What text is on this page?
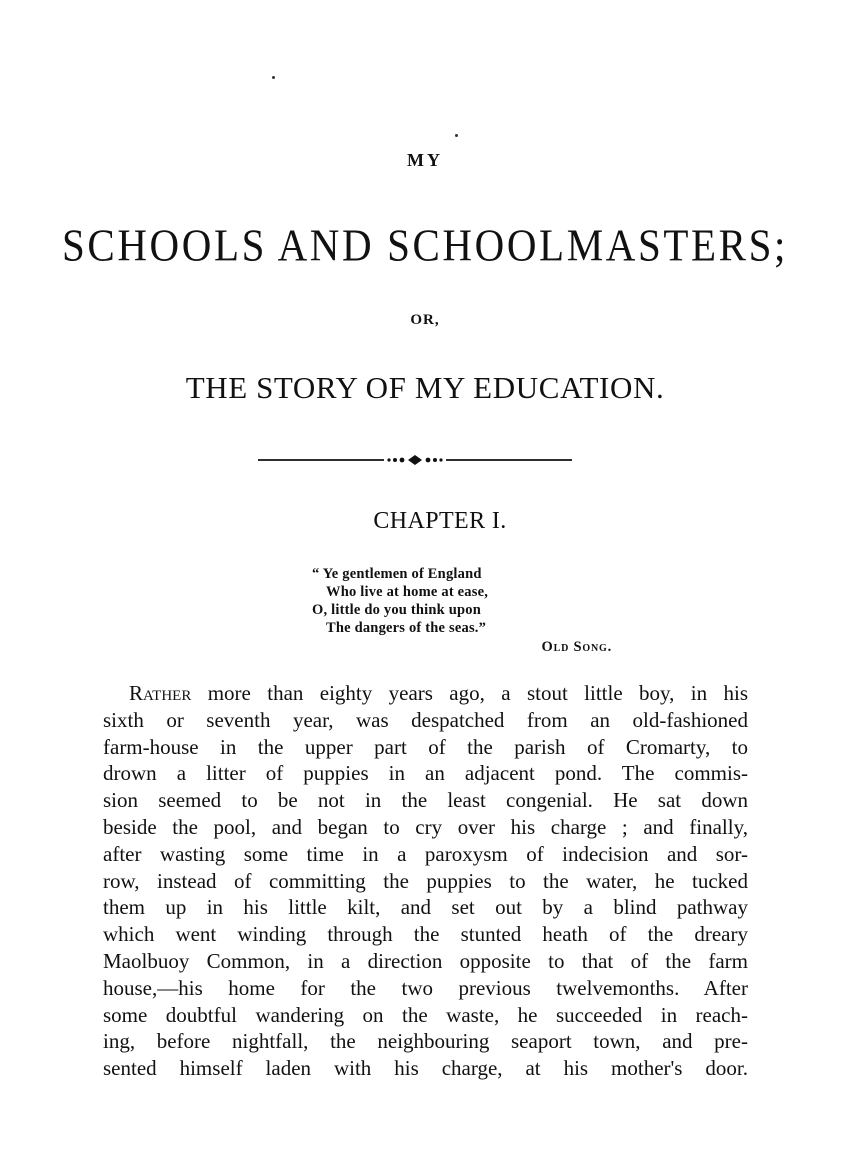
MY
SCHOOLS AND SCHOOLMASTERS;
OR,
THE STORY OF MY EDUCATION.
CHAPTER I.
“ Ye gentlemen of England
Who live at home at ease,
O, little do you think upon
The dangers of the seas.”
Old Song.
Rather more than eighty years ago, a stout little boy, in his
sixth or seventh year, was despatched from an old-fashioned
farm-house in the upper part of the parish of Cromarty, to
drown a litter of puppies in an adjacent pond. The commis-
sion seemed to be not in the least congenial. He sat down
beside the pool, and began to cry over his charge ; and finally,
after wasting some time in a paroxysm of indecision and sor-
row, instead of committing the puppies to the water, he tucked
them up in his little kilt, and set out by a blind pathway
which went winding through the stunted heath of the dreary
Maolbuoy Common, in a direction opposite to that of the farm
house,—his home for the two previous twelvemonths. After
some doubtful wandering on the waste, he succeeded in reach-
ing, before nightfall, the neighbouring seaport town, and pre-
sented himself laden with his charge, at his mother's door.
